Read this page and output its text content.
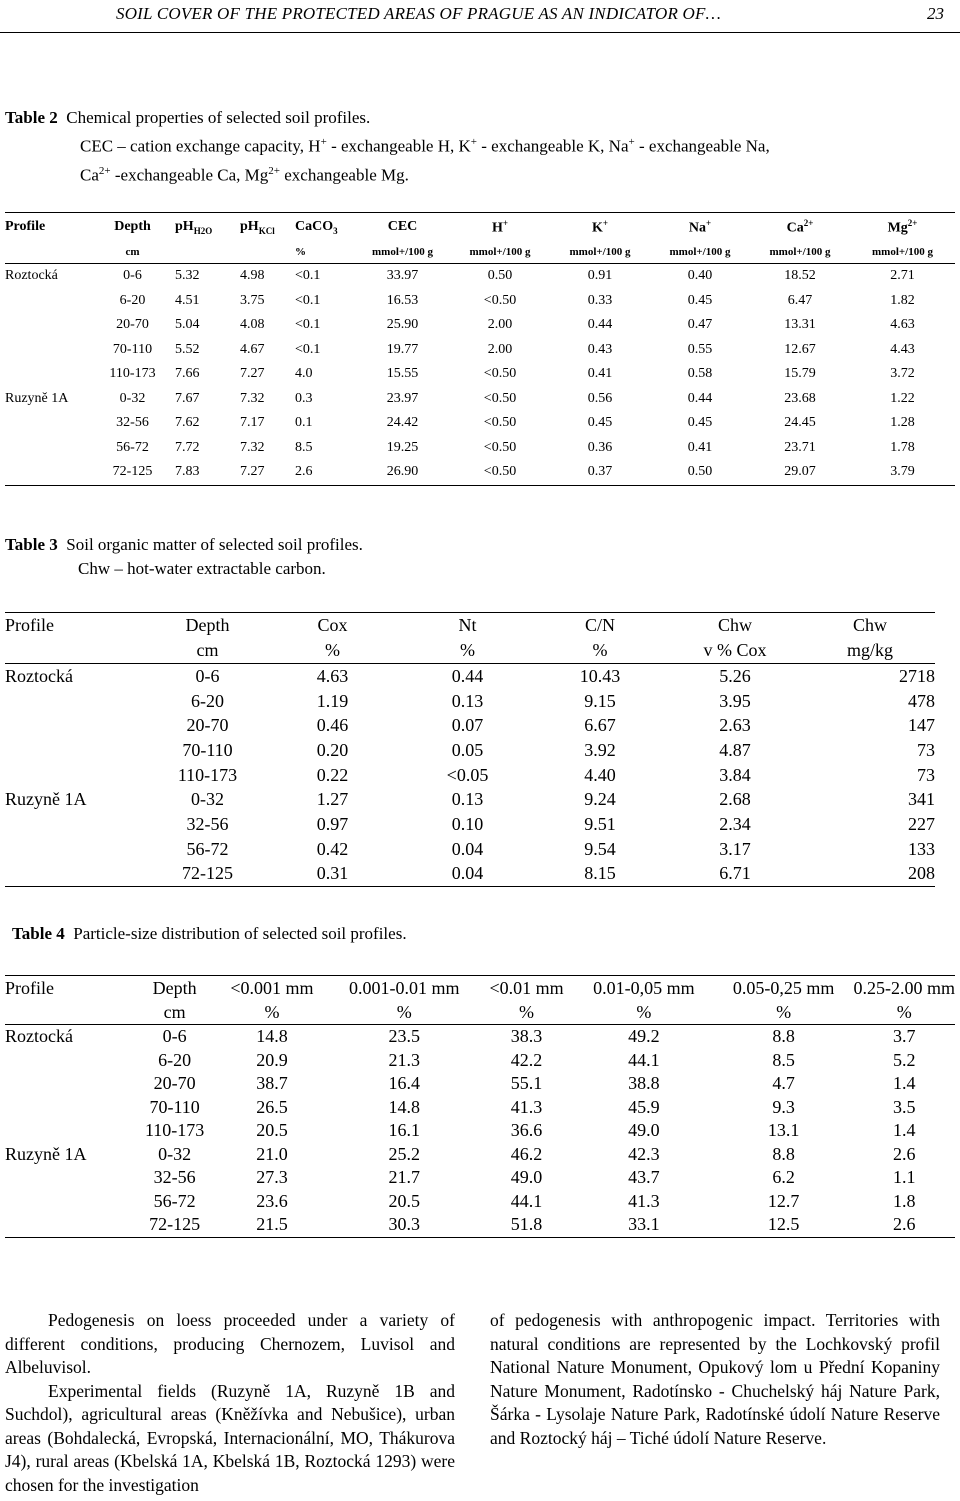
SOIL COVER OF THE PROTECTED AREAS OF PRAGUE AS AN INDICATOR OF…	23
Table 2 Chemical properties of selected soil profiles.
CEC – cation exchange capacity, H+ - exchangeable H, K+ - exchangeable K, Na+ - exchangeable Na,
$Ca^{2+}$ -exchangeable Ca, $Mg^{2+}$ exchangeable Mg.
Profile	Depth	$pH_{H2O}$	$pH_{KCl}$	CaCO$_3$	CEC	H+	K+	Na+	$Ca^{2+}$	$Mg^{2+}$
	cm			%	mmol+/100 g	mmol+/100 g	mmol+/100 g	mmol+/100 g	mmol+/100 g	mmol+/100 g
Roztocká	0-6	5.32	4.98	<0.1	33.97	0.50	0.91	0.40	18.52	2.71
	6-20	4.51	3.75	<0.1	16.53	<0.50	0.33	0.45	6.47	1.82
	20-70	5.04	4.08	<0.1	25.90	2.00	0.44	0.47	13.31	4.63
	70-110	5.52	4.67	<0.1	19.77	2.00	0.43	0.55	12.67	4.43
	110-173	7.66	7.27	4.0	15.55	<0.50	0.41	0.58	15.79	3.72
Ruzyně 1A	0-32	7.67	7.32	0.3	23.97	<0.50	0.56	0.44	23.68	1.22
	32-56	7.62	7.17	0.1	24.42	<0.50	0.45	0.45	24.45	1.28
	56-72	7.72	7.32	8.5	19.25	<0.50	0.36	0.41	23.71	1.78
	72-125	7.83	7.27	2.6	26.90	<0.50	0.37	0.50	29.07	3.79
Table 3 Soil organic matter of selected soil profiles.
Chw – hot-water extractable carbon.
Profile	Depth	Cox	Nt	C/N	Chw	Chw
	cm	%	%	%	v % Cox	mg/kg
Roztocká	0-6	4.63	0.44	10.43	5.26	2718
	6-20	1.19	0.13	9.15	3.95	478
	20-70	0.46	0.07	6.67	2.63	147
	70-110	0.20	0.05	3.92	4.87	73
	110-173	0.22	<0.05	4.40	3.84	73
Ruzyně 1A	0-32	1.27	0.13	9.24	2.68	341
	32-56	0.97	0.10	9.51	2.34	227
	56-72	0.42	0.04	9.54	3.17	133
	72-125	0.31	0.04	8.15	6.71	208
Table 4 Particle-size distribution of selected soil profiles.
Profile	Depth	<0.001 mm	0.001-0.01 mm	<0.01 mm	0.01-0,05 mm	0.05-0,25 mm	0.25-2.00 mm
	cm	%	%	%	%	%	%
Roztocká	0-6	14.8	23.5	38.3	49.2	8.8	3.7
	6-20	20.9	21.3	42.2	44.1	8.5	5.2
	20-70	38.7	16.4	55.1	38.8	4.7	1.4
	70-110	26.5	14.8	41.3	45.9	9.3	3.5
	110-173	20.5	16.1	36.6	49.0	13.1	1.4
Ruzyně 1A	0-32	21.0	25.2	46.2	42.3	8.8	2.6
	32-56	27.3	21.7	49.0	43.7	6.2	1.1
	56-72	23.6	20.5	44.1	41.3	12.7	1.8
	72-125	21.5	30.3	51.8	33.1	12.5	2.6

Pedogenesis on loess proceeded under a variety of different conditions, producing Chernozem, Luvisol and Albeluvisol.

Experimental fields (Ruzyně 1A, Ruzyně 1B and Suchdol), agricultural areas (Kněžívka and Nebušice), urban areas (Bohdalecká, Evropská, Internacionální, MO, Thákurova J4), rural areas (Kbelská 1A, Kbelská 1B, Roztocká 1293) were chosen for the investigation

of pedogenesis with anthropogenic impact. Territories with natural conditions are represented by the Lochkovský profil National Nature Monument, Opukový lom u Přední Kopaniny Nature Monument, Radotínsko - Chuchelský háj Nature Park, Šárka - Lysolaje Nature Park, Radotínské údolí Nature Reserve and Roztocký háj – Tiché údolí Nature Reserve.
